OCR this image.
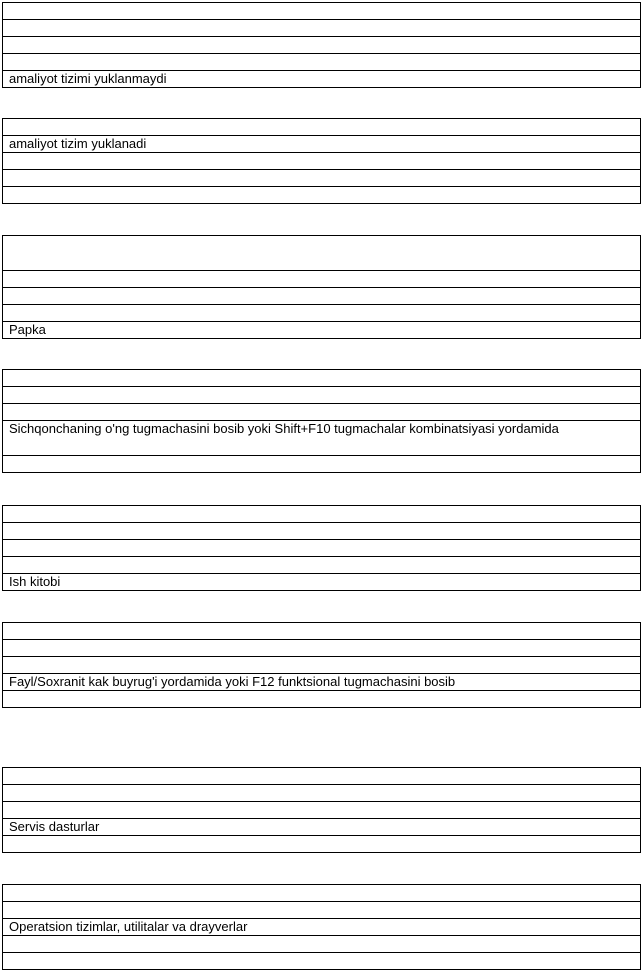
amaliyot tizimi yuklanmaydi

amaliyot tizim yuklanadi

Papka

Sichqonchaning o'ng tugmachasini bosib yoki Shift+F10 tugmachalar kombinatsiyasi yordamida

Ish kitobi

Fayl/Soxranit kak buyrug'i yordamida yoki F12 funktsional tugmachasini bosib

Servis dasturlar

Operatsion tizimlar, utilitalar va drayverlar
